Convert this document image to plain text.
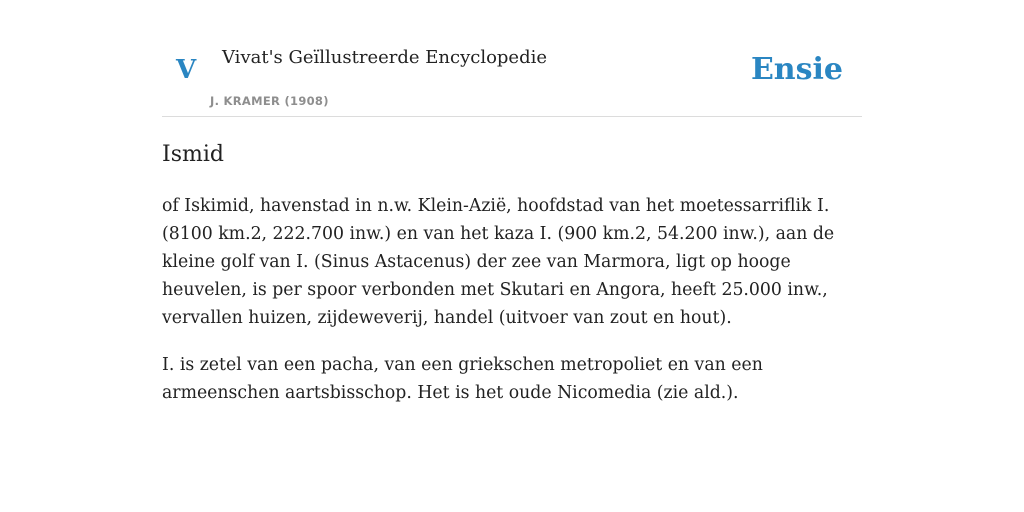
V Vivat's Geïllustreerde Encyclopedie
J. KRAMER (1908)
Ensie
Ismid

of Iskimid, havenstad in n.w. Klein-Azië, hoofdstad van het moetessarriflik I. (8100 km.2, 222.700 inw.) en van het kaza I. (900 km.2, 54.200 inw.), aan de kleine golf van I. (Sinus Astacenus) der zee van Marmora, ligt op hooge heuvelen, is per spoor verbonden met Skutari en Angora, heeft 25.000 inw., vervallen huizen, zijdeweverij, handel (uitvoer van zout en hout).

I. is zetel van een pacha, van een griekschen metropoliet en van een armeenschen aartsbisschop. Het is het oude Nicomedia (zie ald.).
